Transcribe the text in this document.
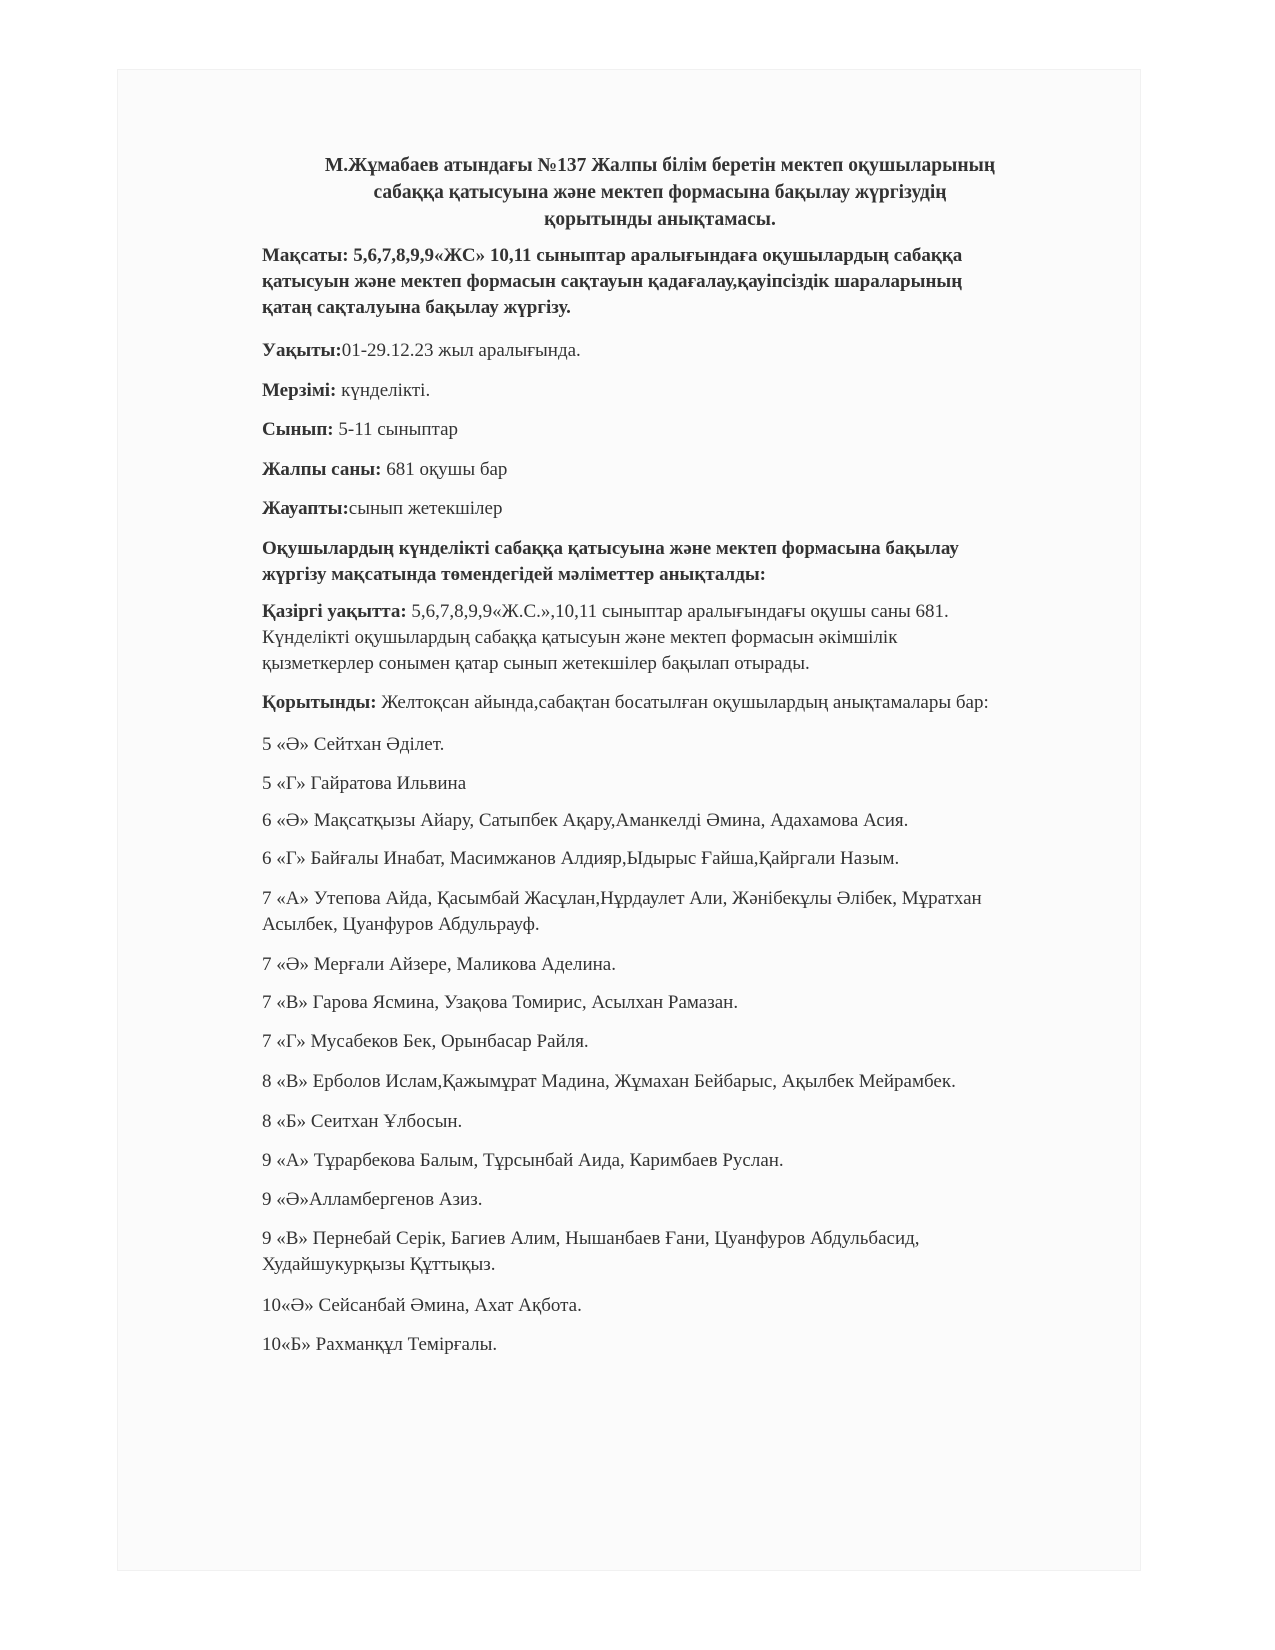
М.Жұмабаев атындағы №137 Жалпы білім беретін мектеп оқушыларының
сабаққа қатысуына және мектеп формасына бақылау жүргізудің
қорытынды анықтамасы.
Мақсаты: 5,6,7,8,9,9«ЖС» 10,11 сыныптар аралығындаға оқушылардың сабаққа
қатысуын және мектеп формасын сақтауын қадағалау,қауіпсіздік шараларының
қатаң сақталуына бақылау жүргізу.
Уақыты:01-29.12.23 жыл аралығында.
Мерзімі: күнделікті.
Сынып: 5-11 сыныптар
Жалпы саны: 681 оқушы бар
Жауапты:сынып жетекшілер
Оқушылардың күнделікті сабаққа қатысуына және мектеп формасына бақылау
жүргізу мақсатында төмендегідей мәліметтер анықталды:
Қазіргі уақытта: 5,6,7,8,9,9«Ж.С.»,10,11 сыныптар аралығындағы оқушы саны 681.
Күнделікті оқушылардың сабаққа қатысуын және мектеп формасын әкімшілік
қызметкерлер сонымен қатар сынып жетекшілер бақылап отырады.
Қорытынды: Желтоқсан айында,сабақтан босатылған оқушылардың анықтамалары бар:
5 «Ә» Сейтхан Әділет.
5 «Г» Гайратова Ильвина
6 «Ә» Мақсатқызы Айару, Сатыпбек Ақару,Аманкелді Әмина, Адахамова Асия.
6 «Г» Байғалы Инабат, Масимжанов Алдияр,Ыдырыс Ғайша,Қайргали Назым.
7 «А» Утепова Айда, Қасымбай Жасұлан,Нұрдаулет Али, Жәнібекұлы Әлібек, Мұратхан
Асылбек, Цуанфуров Абдульрауф.
7 «Ә» Мерғали Айзере, Маликова Аделина.
7 «В» Гарова Ясмина, Узақова Томирис, Асылхан Рамазан.
7 «Г» Мусабеков Бек, Орынбасар Райля.
8 «В» Ерболов Ислам,Қажымұрат Мадина, Жұмахан Бейбарыс, Ақылбек Мейрамбек.
8 «Б» Сеитхан Ұлбосын.
9 «А» Тұрарбекова Балым, Тұрсынбай Аида, Каримбаев Руслан.
9 «Ә»Алламбергенов Азиз.
9 «В» Пернебай Серік, Багиев Алим, Нышанбаев Ғани, Цуанфуров Абдульбасид,
Худайшукурқызы Құттықыз.
10«Ә» Сейсанбай Әмина, Ахат Ақбота.
10«Б» Рахманқұл Темірғалы.
